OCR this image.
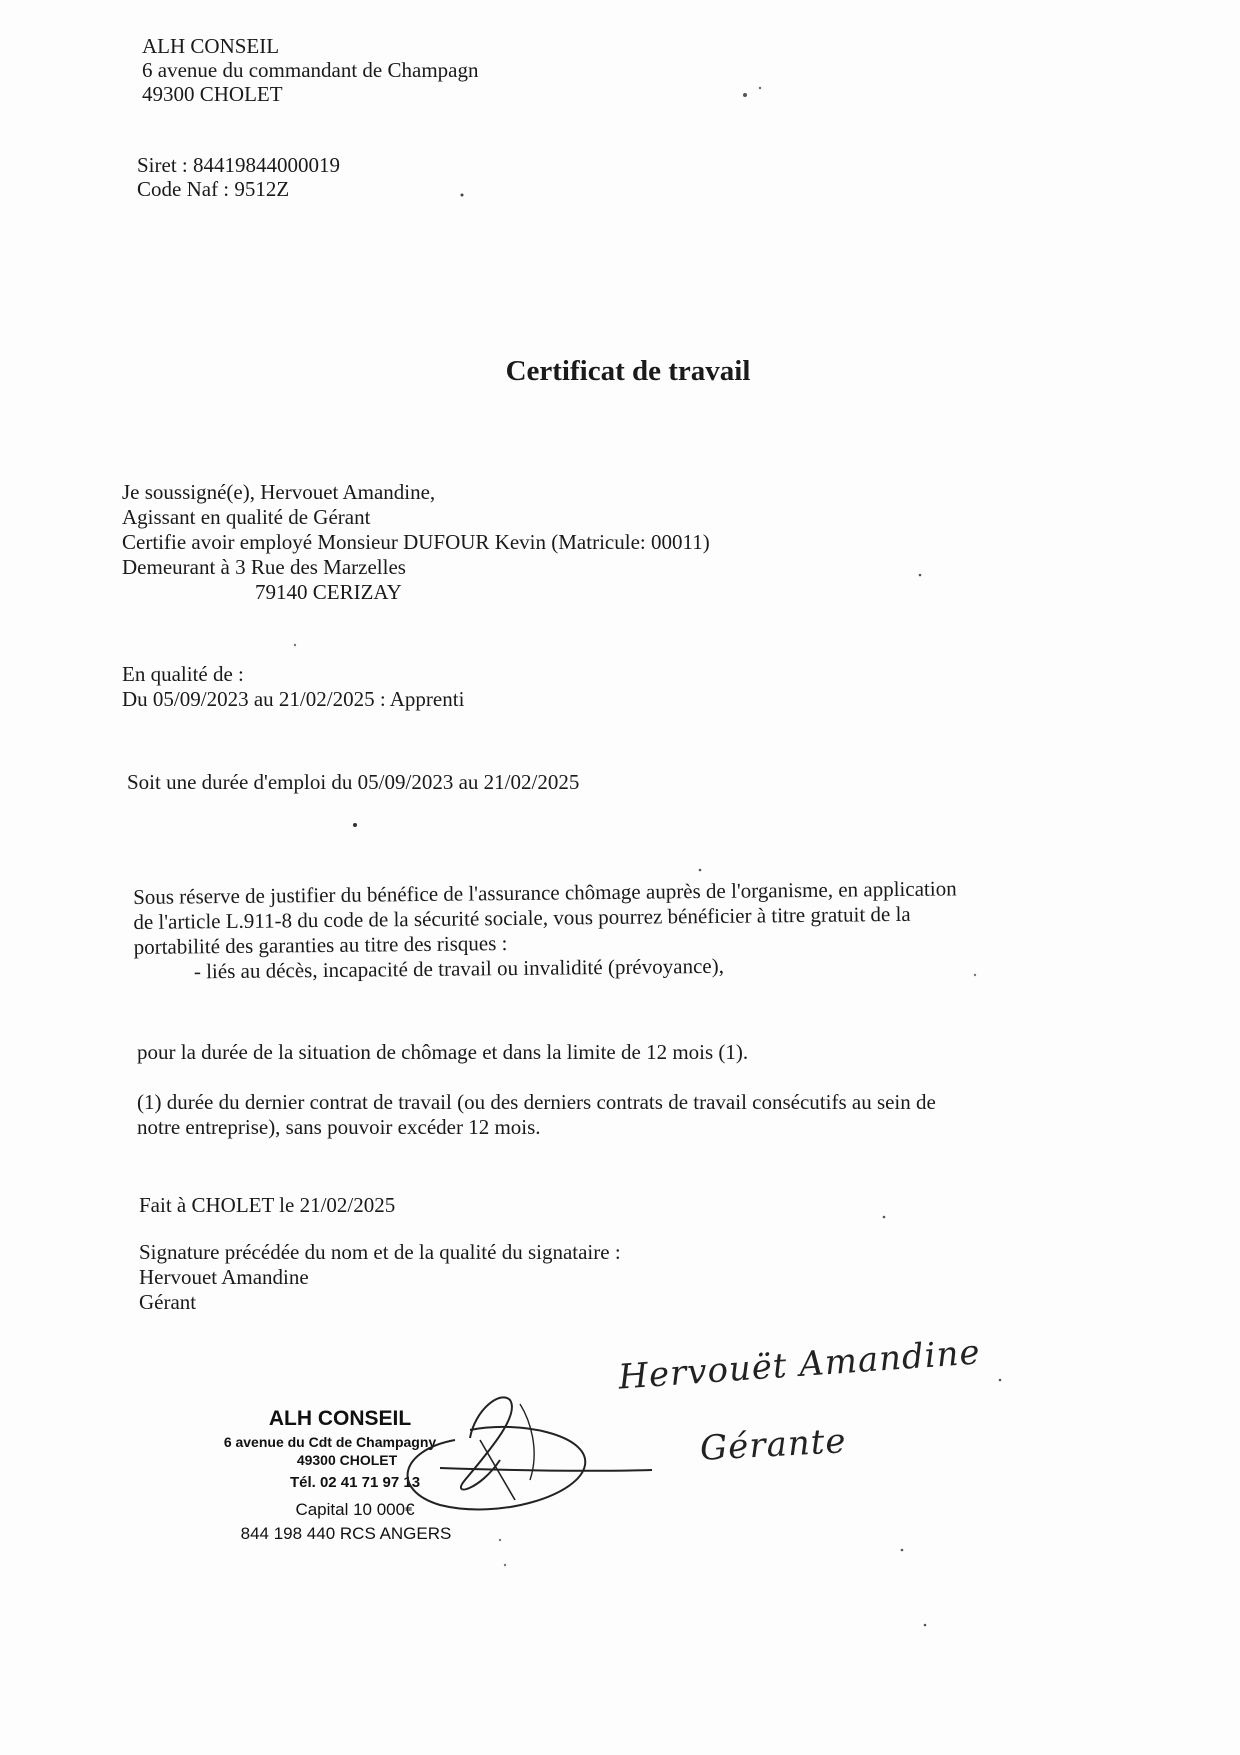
ALH CONSEIL
6 avenue du commandant de Champagn
49300 CHOLET
Siret : 84419844000019
Code Naf : 9512Z
Certificat de travail
Je soussigné(e), Hervouet Amandine,
Agissant en qualité de Gérant
Certifie avoir employé Monsieur DUFOUR Kevin (Matricule: 00011)
Demeurant à 3 Rue des Marzelles
79140 CERIZAY
En qualité de :
Du 05/09/2023 au 21/02/2025 : Apprenti
Soit une durée d'emploi du 05/09/2023 au 21/02/2025
Sous réserve de justifier du bénéfice de l'assurance chômage auprès de l'organisme, en application
de l'article L.911-8 du code de la sécurité sociale, vous pourrez bénéficier à titre gratuit de la
portabilité des garanties au titre des risques :
- liés au décès, incapacité de travail ou invalidité (prévoyance),
pour la durée de la situation de chômage et dans la limite de 12 mois (1).
(1) durée du dernier contrat de travail (ou des derniers contrats de travail consécutifs au sein de
notre entreprise), sans pouvoir excéder 12 mois.
Fait à CHOLET le 21/02/2025
Signature précédée du nom et de la qualité du signataire :
Hervouet Amandine
Gérant
ALH CONSEIL
6 avenue du Cdt de Champagny
49300 CHOLET
Tél. 02 41 71 97 13
Capital 10 000€
844 198 440 RCS ANGERS
Hervouët Amandine
Gérante
